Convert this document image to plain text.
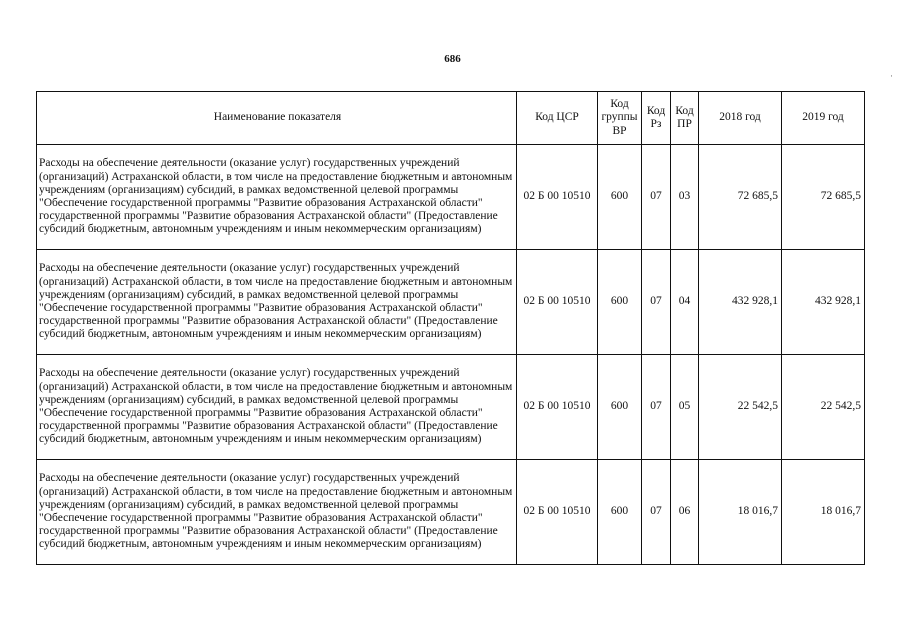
686
·
Наименование показателя	Код ЦСР	Код группы ВР	Код Рз	Код ПР	2018 год	2019 год
Расходы на обеспечение деятельности (оказание услуг) государственных учреждений (организаций) Астраханской области, в том числе на предоставление бюджетным и автономным учреждениям (организациям) субсидий, в рамках ведомственной целевой программы "Обеспечение государственной программы "Развитие образования Астраханской области" государственной программы "Развитие образования Астраханской области" (Предоставление субсидий бюджетным, автономным учреждениям и иным некоммерческим организациям)	02 Б 00 10510	600	07	03	72 685,5	72 685,5
Расходы на обеспечение деятельности (оказание услуг) государственных учреждений (организаций) Астраханской области, в том числе на предоставление бюджетным и автономным учреждениям (организациям) субсидий, в рамках ведомственной целевой программы "Обеспечение государственной программы "Развитие образования Астраханской области" государственной программы "Развитие образования Астраханской области" (Предоставление субсидий бюджетным, автономным учреждениям и иным некоммерческим организациям)	02 Б 00 10510	600	07	04	432 928,1	432 928,1
Расходы на обеспечение деятельности (оказание услуг) государственных учреждений (организаций) Астраханской области, в том числе на предоставление бюджетным и автономным учреждениям (организациям) субсидий, в рамках ведомственной целевой программы "Обеспечение государственной программы "Развитие образования Астраханской области" государственной программы "Развитие образования Астраханской области" (Предоставление субсидий бюджетным, автономным учреждениям и иным некоммерческим организациям)	02 Б 00 10510	600	07	05	22 542,5	22 542,5
Расходы на обеспечение деятельности (оказание услуг) государственных учреждений (организаций) Астраханской области, в том числе на предоставление бюджетным и автономным учреждениям (организациям) субсидий, в рамках ведомственной целевой программы "Обеспечение государственной программы "Развитие образования Астраханской области" государственной программы "Развитие образования Астраханской области" (Предоставление субсидий бюджетным, автономным учреждениям и иным некоммерческим организациям)	02 Б 00 10510	600	07	06	18 016,7	18 016,7
